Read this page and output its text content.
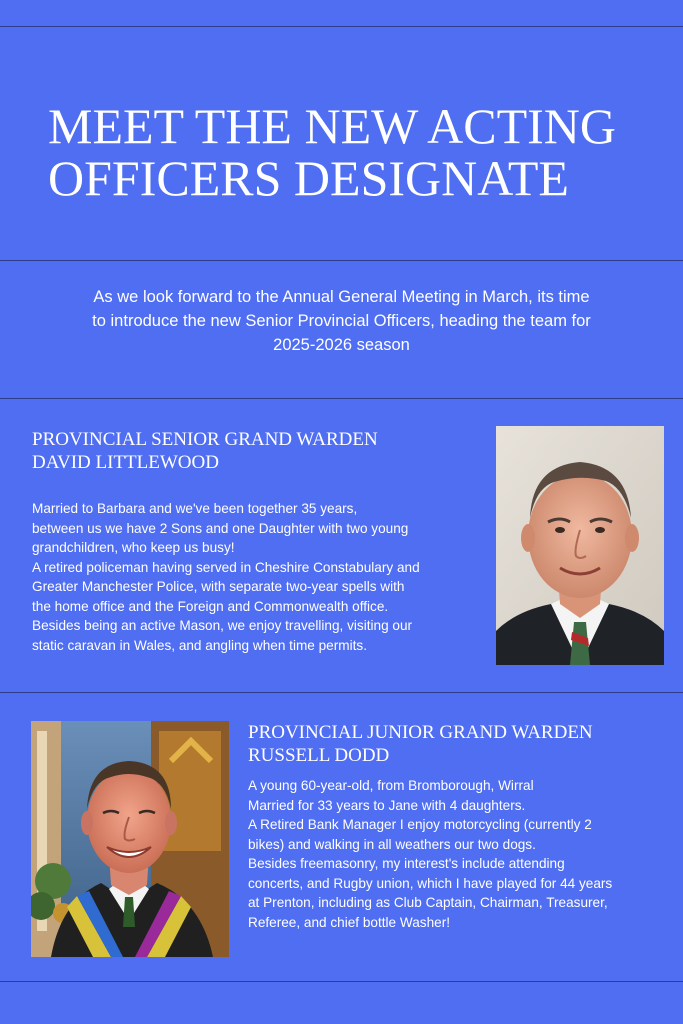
MEET THE NEW ACTING
OFFICERS DESIGNATE
As we look forward to the Annual General Meeting in March, its time
to introduce the new Senior Provincial Officers, heading the team for
2025-2026 season
PROVINCIAL SENIOR GRAND WARDEN
DAVID LITTLEWOOD
Married to Barbara and we've been together 35 years,
between us we have 2 Sons and one Daughter with two young
grandchildren, who keep us busy!
A retired policeman having served in Cheshire Constabulary and
Greater Manchester Police, with separate two-year spells with
the home office and the Foreign and Commonwealth office.
Besides being an active Mason, we enjoy travelling, visiting our
static caravan in Wales, and angling when time permits.
PROVINCIAL JUNIOR GRAND WARDEN
RUSSELL DODD
A young 60-year-old, from Bromborough, Wirral
Married for 33 years to Jane with 4 daughters.
A Retired Bank Manager I enjoy motorcycling (currently 2
bikes) and walking in all weathers our two dogs.
Besides freemasonry, my interest's include attending
concerts, and Rugby union, which I have played for 44 years
at Prenton, including as Club Captain, Chairman, Treasurer,
Referee, and chief bottle Washer!
